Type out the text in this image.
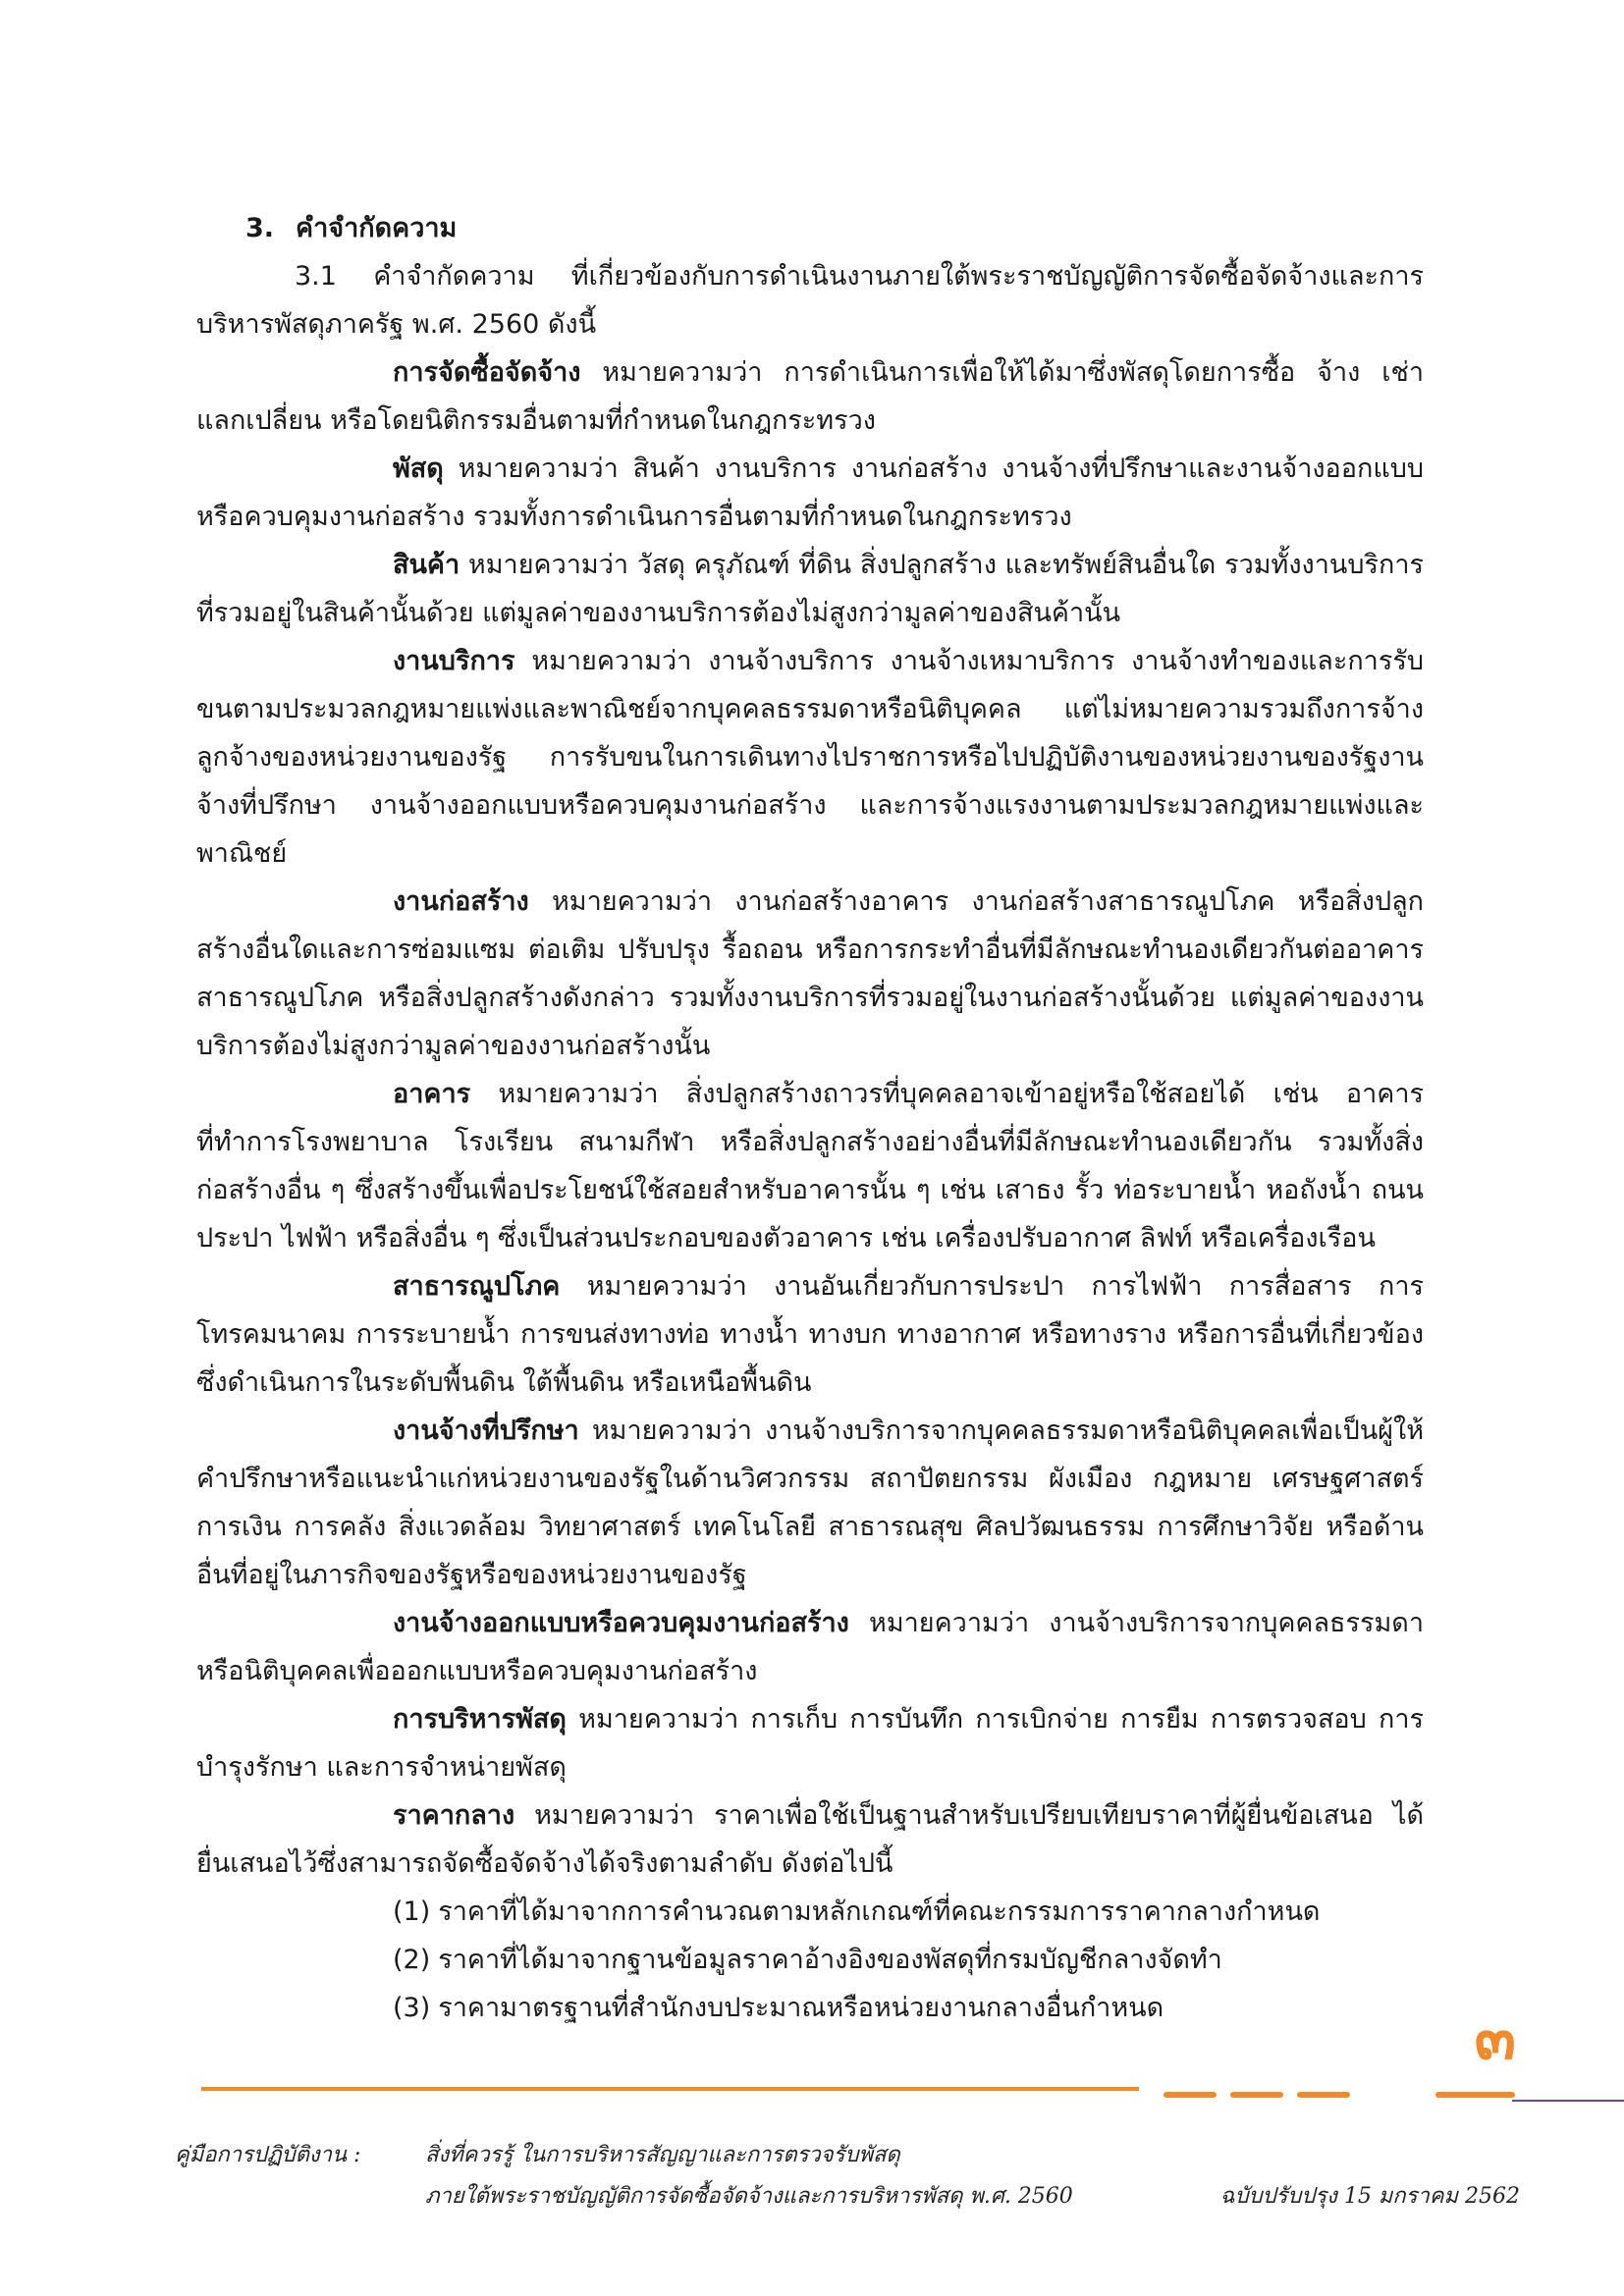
3. คำจำกัดความ
3.1 คำจำกัดความ ที่เกี่ยวข้องกับการดำเนินงานภายใต้พระราชบัญญัติการจัดซื้อจัดจ้างและการบริหารพัสดุภาครัฐ พ.ศ. 2560 ดังนี้
การจัดซื้อจัดจ้าง หมายความว่า การดำเนินการเพื่อให้ได้มาซึ่งพัสดุโดยการซื้อ จ้าง เช่า แลกเปลี่ยน หรือโดยนิติกรรมอื่นตามที่กำหนดในกฎกระทรวง
พัสดุ หมายความว่า สินค้า งานบริการ งานก่อสร้าง งานจ้างที่ปรึกษาและงานจ้างออกแบบหรือควบคุมงานก่อสร้าง รวมทั้งการดำเนินการอื่นตามที่กำหนดในกฎกระทรวง
สินค้า หมายความว่า วัสดุ ครุภัณฑ์ ที่ดิน สิ่งปลูกสร้าง และทรัพย์สินอื่นใด รวมทั้งงานบริการที่รวมอยู่ในสินค้านั้นด้วย แต่มูลค่าของงานบริการต้องไม่สูงกว่ามูลค่าของสินค้านั้น
งานบริการ หมายความว่า งานจ้างบริการ งานจ้างเหมาบริการ งานจ้างทำของและการรับขนตามประมวลกฎหมายแพ่งและพาณิชย์จากบุคคลธรรมดาหรือนิติบุคคล แต่ไม่หมายความรวมถึงการจ้างลูกจ้างของหน่วยงานของรัฐ การรับขนในการเดินทางไปราชการหรือไปปฏิบัติงานของหน่วยงานของรัฐงานจ้างที่ปรึกษา งานจ้างออกแบบหรือควบคุมงานก่อสร้าง และการจ้างแรงงานตามประมวลกฎหมายแพ่งและพาณิชย์
งานก่อสร้าง หมายความว่า งานก่อสร้างอาคาร งานก่อสร้างสาธารณูปโภค หรือสิ่งปลูกสร้างอื่นใดและการซ่อมแซม ต่อเติม ปรับปรุง รื้อถอน หรือการกระทำอื่นที่มีลักษณะทำนองเดียวกันต่ออาคาร สาธารณูปโภค หรือสิ่งปลูกสร้างดังกล่าว รวมทั้งงานบริการที่รวมอยู่ในงานก่อสร้างนั้นด้วย แต่มูลค่าของงานบริการต้องไม่สูงกว่ามูลค่าของงานก่อสร้างนั้น
อาคาร หมายความว่า สิ่งปลูกสร้างถาวรที่บุคคลอาจเข้าอยู่หรือใช้สอยได้ เช่น อาคารที่ทำการโรงพยาบาล โรงเรียน สนามกีฬา หรือสิ่งปลูกสร้างอย่างอื่นที่มีลักษณะทำนองเดียวกัน รวมทั้งสิ่งก่อสร้างอื่น ๆ ซึ่งสร้างขึ้นเพื่อประโยชน์ใช้สอยสำหรับอาคารนั้น ๆ เช่น เสาธง รั้ว ท่อระบายน้ำ หอถังน้ำ ถนน ประปา ไฟฟ้า หรือสิ่งอื่น ๆ ซึ่งเป็นส่วนประกอบของตัวอาคาร เช่น เครื่องปรับอากาศ ลิฟท์ หรือเครื่องเรือน
สาธารณูปโภค หมายความว่า งานอันเกี่ยวกับการประปา การไฟฟ้า การสื่อสาร การโทรคมนาคม การระบายน้ำ การขนส่งทางท่อ ทางน้ำ ทางบก ทางอากาศ หรือทางราง หรือการอื่นที่เกี่ยวข้องซึ่งดำเนินการในระดับพื้นดิน ใต้พื้นดิน หรือเหนือพื้นดิน
งานจ้างที่ปรึกษา หมายความว่า งานจ้างบริการจากบุคคลธรรมดาหรือนิติบุคคลเพื่อเป็นผู้ให้คำปรึกษาหรือแนะนำแก่หน่วยงานของรัฐในด้านวิศวกรรม สถาปัตยกรรม ผังเมือง กฎหมาย เศรษฐศาสตร์ การเงิน การคลัง สิ่งแวดล้อม วิทยาศาสตร์ เทคโนโลยี สาธารณสุข ศิลปวัฒนธรรม การศึกษาวิจัย หรือด้านอื่นที่อยู่ในภารกิจของรัฐหรือของหน่วยงานของรัฐ
งานจ้างออกแบบหรือควบคุมงานก่อสร้าง หมายความว่า งานจ้างบริการจากบุคคลธรรมดาหรือนิติบุคคลเพื่อออกแบบหรือควบคุมงานก่อสร้าง
การบริหารพัสดุ หมายความว่า การเก็บ การบันทึก การเบิกจ่าย การยืม การตรวจสอบ การบำรุงรักษา และการจำหน่ายพัสดุ
ราคากลาง หมายความว่า ราคาเพื่อใช้เป็นฐานสำหรับเปรียบเทียบราคาที่ผู้ยื่นข้อเสนอ ได้ยื่นเสนอไว้ซึ่งสามารถจัดซื้อจัดจ้างได้จริงตามลำดับ ดังต่อไปนี้
(1) ราคาที่ได้มาจากการคำนวณตามหลักเกณฑ์ที่คณะกรรมการราคากลางกำหนด
(2) ราคาที่ได้มาจากฐานข้อมูลราคาอ้างอิงของพัสดุที่กรมบัญชีกลางจัดทำ
(3) ราคามาตรฐานที่สำนักงบประมาณหรือหน่วยงานกลางอื่นกำหนด	๓
คู่มือการปฏิบัติงาน :	สิ่งที่ควรรู้ ในการบริหารสัญญาและการตรวจรับพัสดุ
ภายใต้พระราชบัญญัติการจัดซื้อจัดจ้างและการบริหารพัสดุ พ.ศ. 2560	ฉบับปรับปรุง 15 มกราคม 2562
